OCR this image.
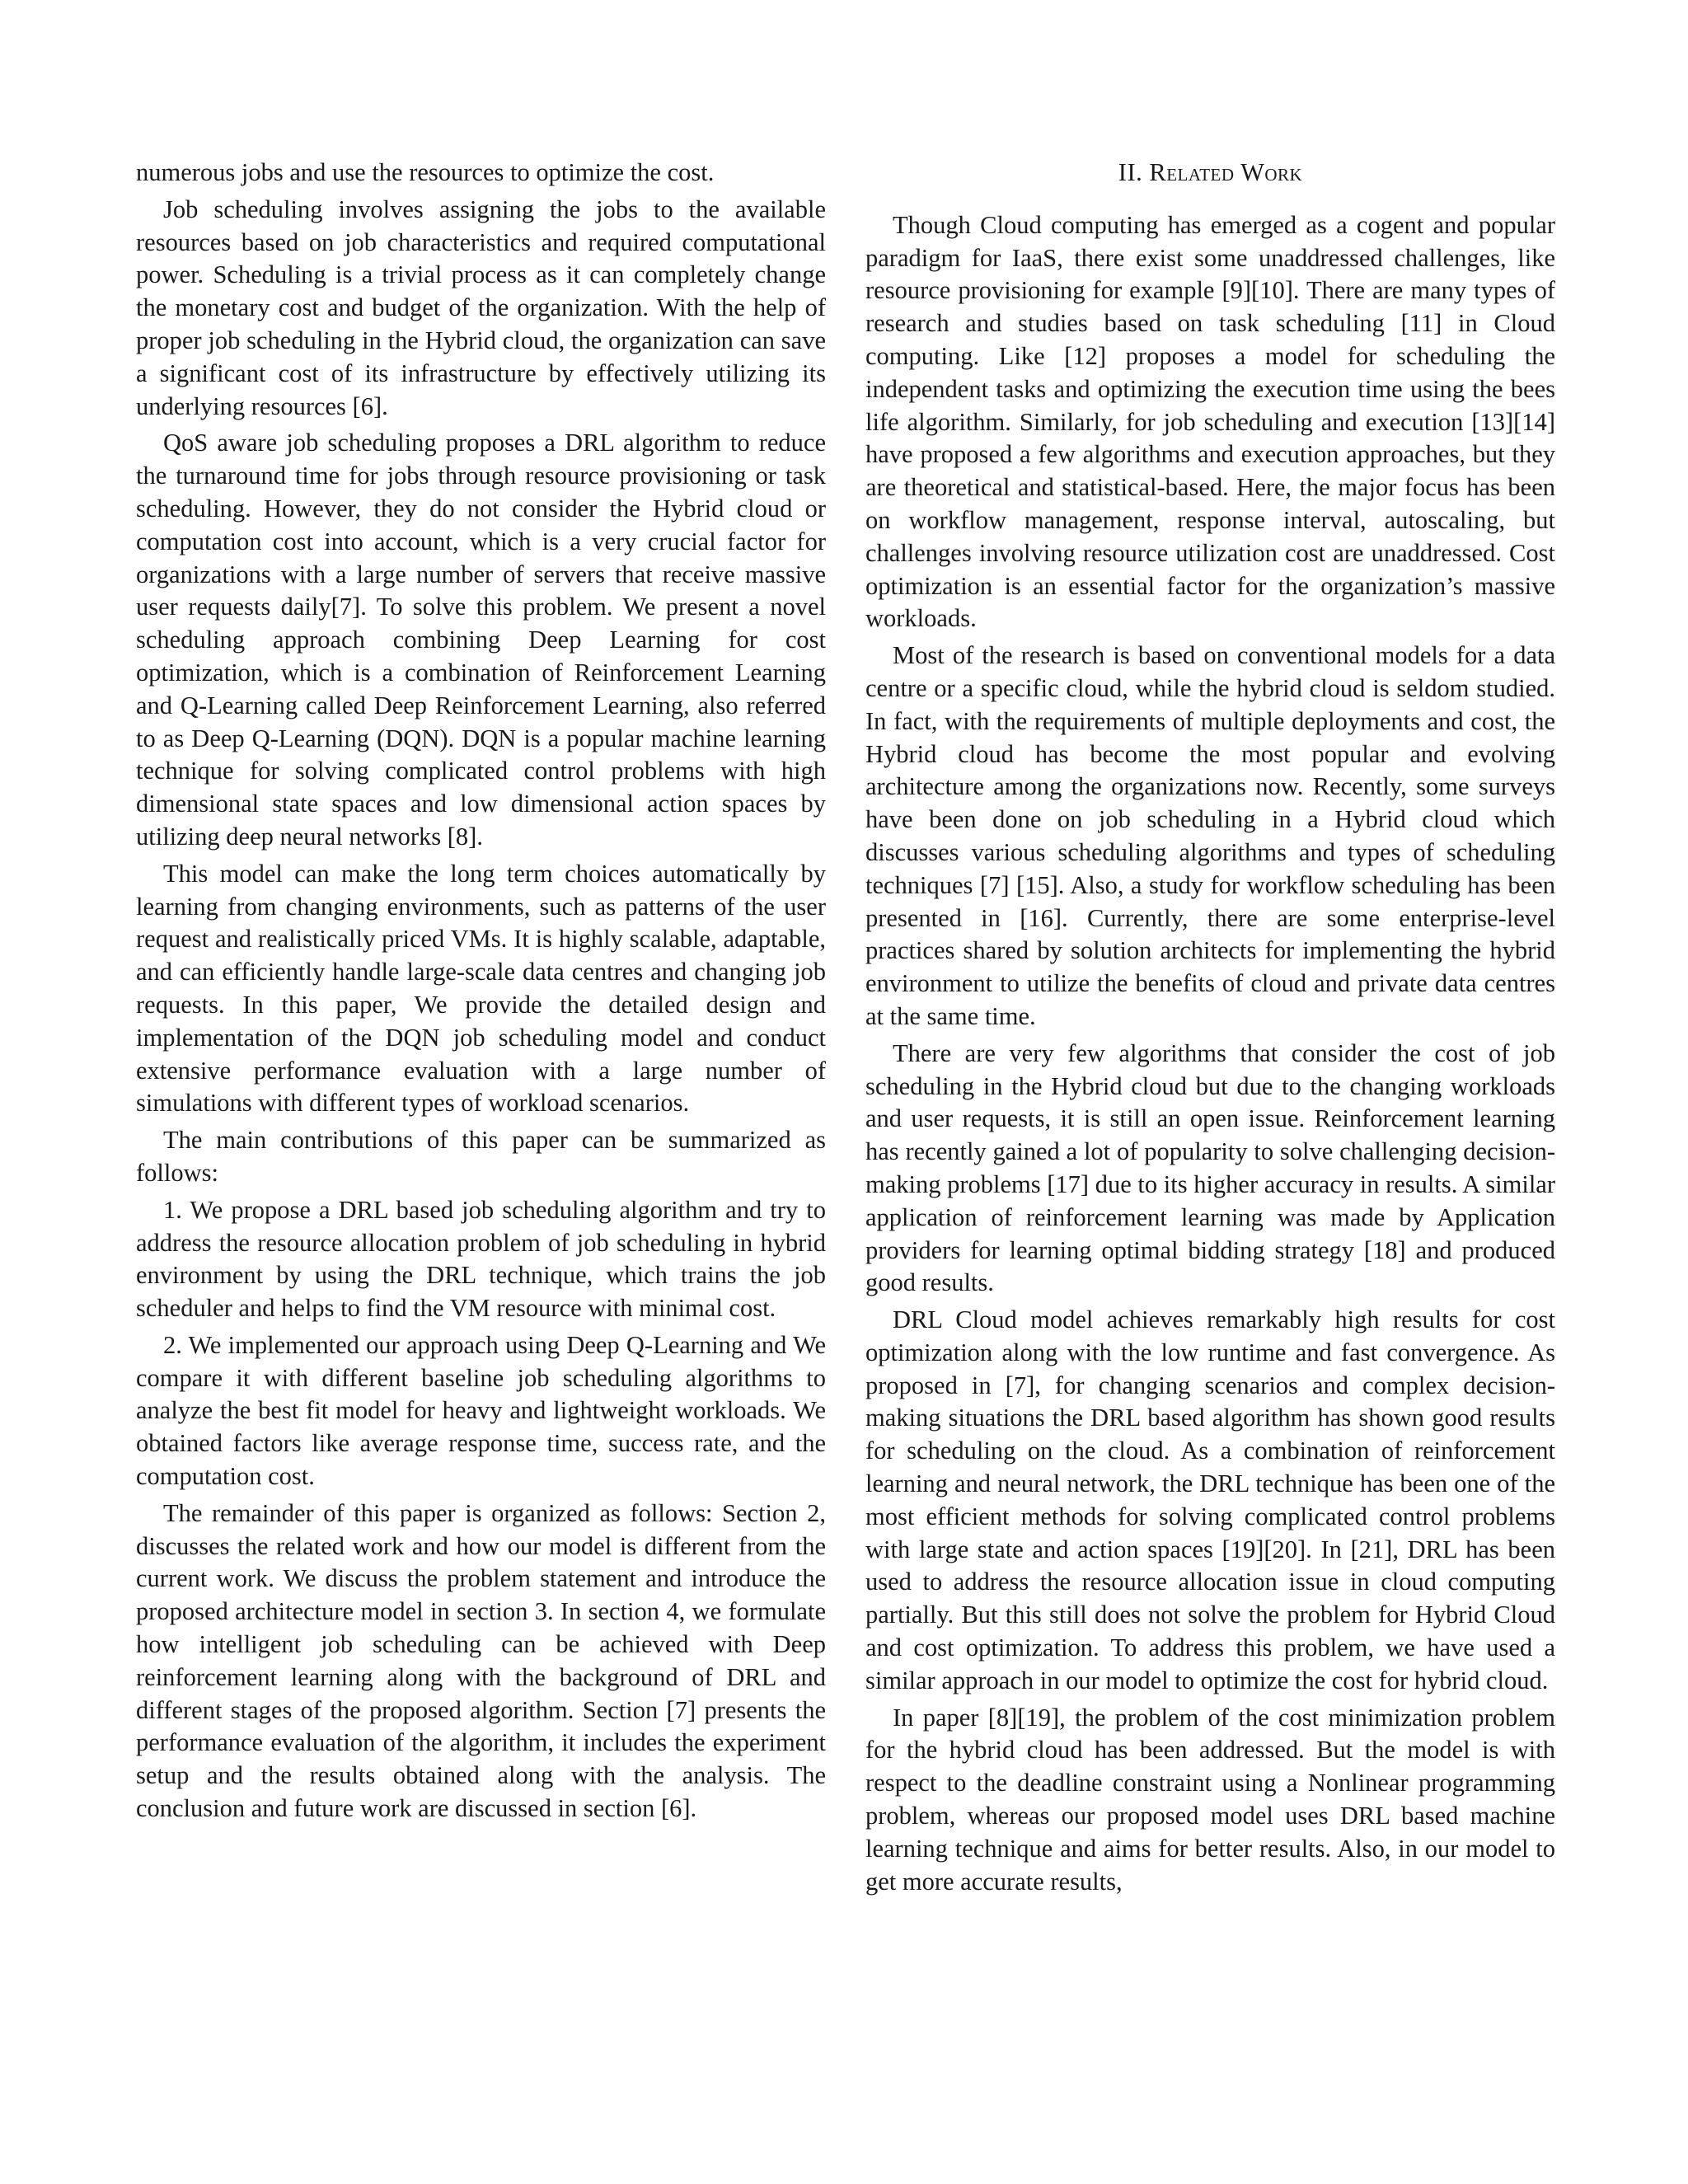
numerous jobs and use the resources to optimize the cost.

Job scheduling involves assigning the jobs to the available resources based on job characteristics and required computational power. Scheduling is a trivial process as it can completely change the monetary cost and budget of the organization. With the help of proper job scheduling in the Hybrid cloud, the organization can save a significant cost of its infrastructure by effectively utilizing its underlying resources [6].

QoS aware job scheduling proposes a DRL algorithm to reduce the turnaround time for jobs through resource provisioning or task scheduling. However, they do not consider the Hybrid cloud or computation cost into account, which is a very crucial factor for organizations with a large number of servers that receive massive user requests daily[7]. To solve this problem. We present a novel scheduling approach combining Deep Learning for cost optimization, which is a combination of Reinforcement Learning and Q-Learning called Deep Reinforcement Learning, also referred to as Deep Q-Learning (DQN). DQN is a popular machine learning technique for solving complicated control problems with high dimensional state spaces and low dimensional action spaces by utilizing deep neural networks [8].

This model can make the long term choices automatically by learning from changing environments, such as patterns of the user request and realistically priced VMs. It is highly scalable, adaptable, and can efficiently handle large-scale data centres and changing job requests. In this paper, We provide the detailed design and implementation of the DQN job scheduling model and conduct extensive performance evaluation with a large number of simulations with different types of workload scenarios.

The main contributions of this paper can be summarized as follows:

1. We propose a DRL based job scheduling algorithm and try to address the resource allocation problem of job scheduling in hybrid environment by using the DRL technique, which trains the job scheduler and helps to find the VM resource with minimal cost.

2. We implemented our approach using Deep Q-Learning and We compare it with different baseline job scheduling algorithms to analyze the best fit model for heavy and lightweight workloads. We obtained factors like average response time, success rate, and the computation cost.

The remainder of this paper is organized as follows: Section 2, discusses the related work and how our model is different from the current work. We discuss the problem statement and introduce the proposed architecture model in section 3. In section 4, we formulate how intelligent job scheduling can be achieved with Deep reinforcement learning along with the background of DRL and different stages of the proposed algorithm. Section [7] presents the performance evaluation of the algorithm, it includes the experiment setup and the results obtained along with the analysis. The conclusion and future work are discussed in section [6].

II. Related Work

Though Cloud computing has emerged as a cogent and popular paradigm for IaaS, there exist some unaddressed challenges, like resource provisioning for example [9][10]. There are many types of research and studies based on task scheduling [11] in Cloud computing. Like [12] proposes a model for scheduling the independent tasks and optimizing the execution time using the bees life algorithm. Similarly, for job scheduling and execution [13][14] have proposed a few algorithms and execution approaches, but they are theoretical and statistical-based. Here, the major focus has been on workflow management, response interval, autoscaling, but challenges involving resource utilization cost are unaddressed. Cost optimization is an essential factor for the organization’s massive workloads.

Most of the research is based on conventional models for a data centre or a specific cloud, while the hybrid cloud is seldom studied. In fact, with the requirements of multiple deployments and cost, the Hybrid cloud has become the most popular and evolving architecture among the organizations now. Recently, some surveys have been done on job scheduling in a Hybrid cloud which discusses various scheduling algorithms and types of scheduling techniques [7] [15]. Also, a study for workflow scheduling has been presented in [16]. Currently, there are some enterprise-level practices shared by solution architects for implementing the hybrid environment to utilize the benefits of cloud and private data centres at the same time.

There are very few algorithms that consider the cost of job scheduling in the Hybrid cloud but due to the changing workloads and user requests, it is still an open issue. Reinforcement learning has recently gained a lot of popularity to solve challenging decision-making problems [17] due to its higher accuracy in results. A similar application of reinforcement learning was made by Application providers for learning optimal bidding strategy [18] and produced good results.

DRL Cloud model achieves remarkably high results for cost optimization along with the low runtime and fast convergence. As proposed in [7], for changing scenarios and complex decision-making situations the DRL based algorithm has shown good results for scheduling on the cloud. As a combination of reinforcement learning and neural network, the DRL technique has been one of the most efficient methods for solving complicated control problems with large state and action spaces [19][20]. In [21], DRL has been used to address the resource allocation issue in cloud computing partially. But this still does not solve the problem for Hybrid Cloud and cost optimization. To address this problem, we have used a similar approach in our model to optimize the cost for hybrid cloud.

In paper [8][19], the problem of the cost minimization problem for the hybrid cloud has been addressed. But the model is with respect to the deadline constraint using a Nonlinear programming problem, whereas our proposed model uses DRL based machine learning technique and aims for better results. Also, in our model to get more accurate results,
